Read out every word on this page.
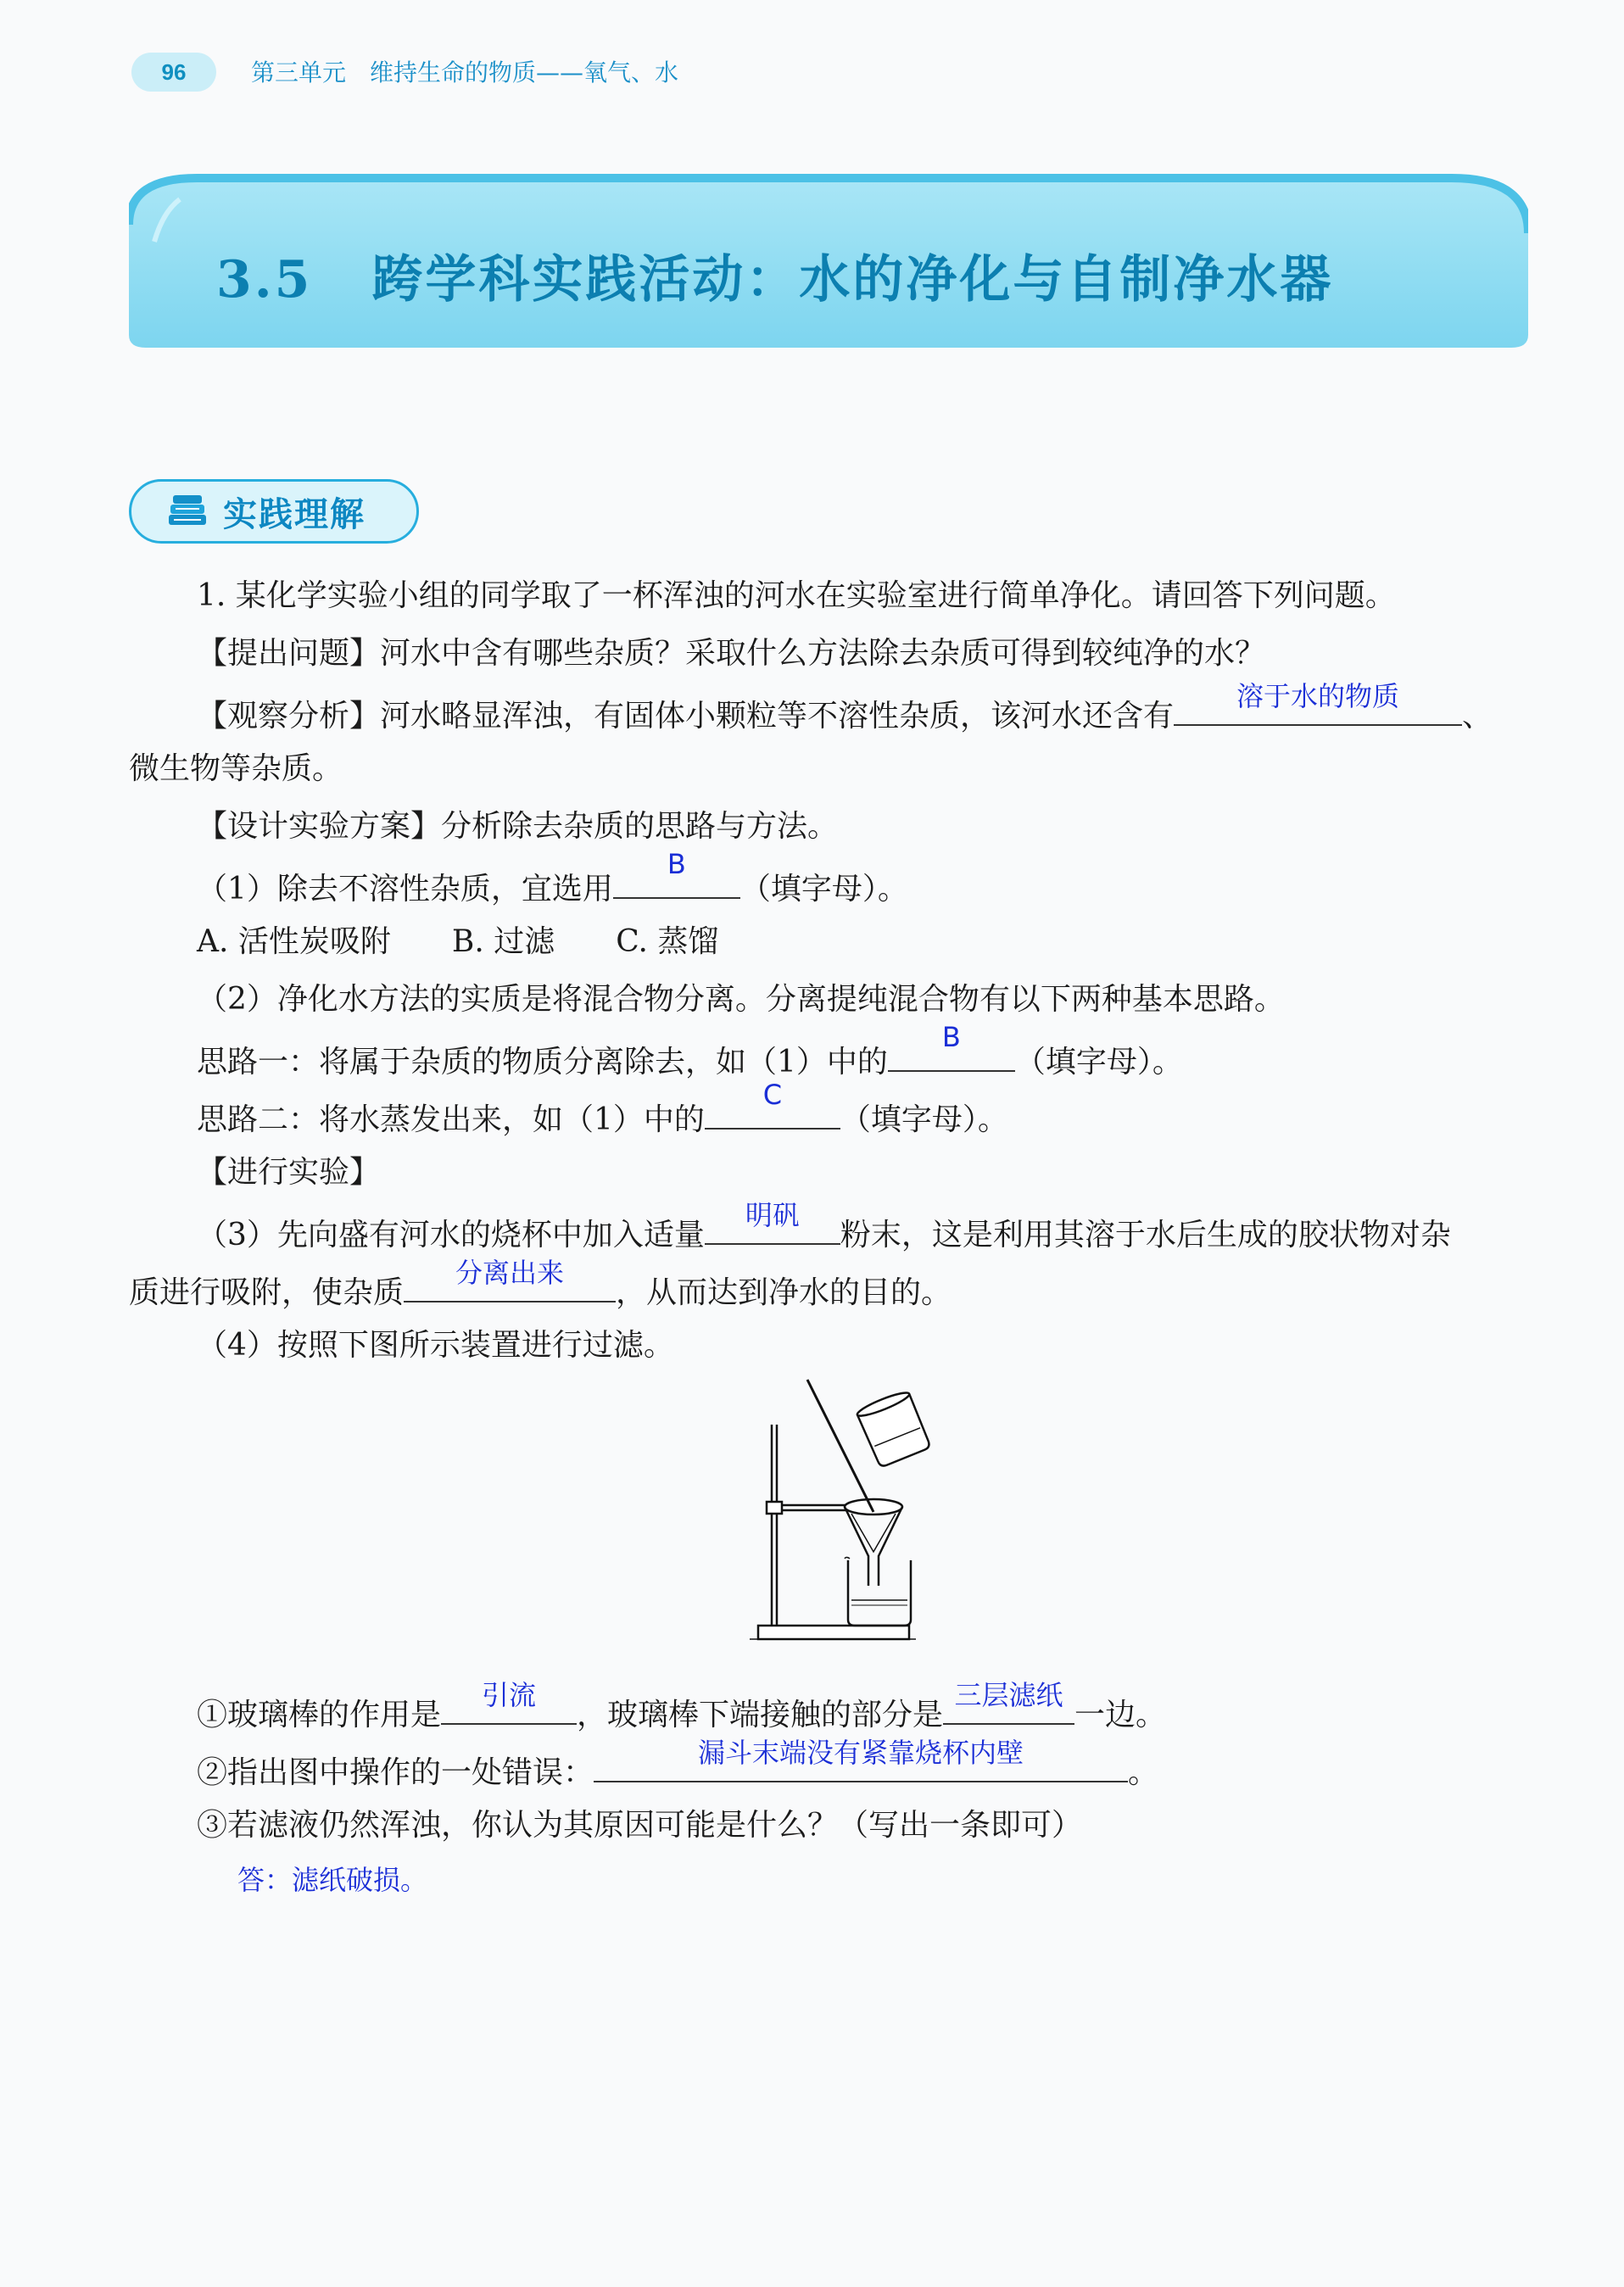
96	第三单元　维持生命的物质——氧气、水
3.5 跨学科实践活动：水的净化与自制净水器
实践理解
1. 某化学实验小组的同学取了一杯浑浊的河水在实验室进行简单净化。请回答下列问题。
【提出问题】河水中含有哪些杂质？采取什么方法除去杂质可得到较纯净的水？
【观察分析】河水略显浑浊，有固体小颗粒等不溶性杂质，该河水还含有
溶于水的物质
、
微生物等杂质。
【设计实验方案】分析除去杂质的思路与方法。
（1）除去不溶性杂质，宜选用
B
（填字母）。
A. 活性炭吸附　　B. 过滤　　C. 蒸馏
（2）净化水方法的实质是将混合物分离。分离提纯混合物有以下两种基本思路。
思路一：将属于杂质的物质分离除去，如（1）中的
B
（填字母）。
思路二：将水蒸发出来，如（1）中的
C
（填字母）。
【进行实验】
（3）先向盛有河水的烧杯中加入适量
明矾
粉末，这是利用其溶于水后生成的胶状物对杂
质进行吸附，使杂质
分离出来
，从而达到净水的目的。
（4）按照下图所示装置进行过滤。
①玻璃棒的作用是
引流
，玻璃棒下端接触的部分是
三层滤纸
一边。
②指出图中操作的一处错误：
漏斗末端没有紧靠烧杯内壁
。
③若滤液仍然浑浊，你认为其原因可能是什么？（写出一条即可）
答：滤纸破损。
